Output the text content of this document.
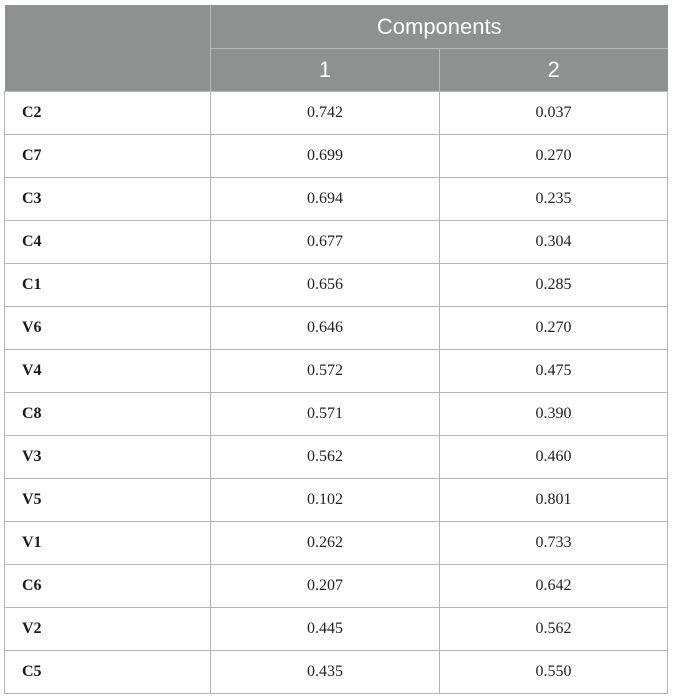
	Components	
	1	2
C2	0.742	0.037
C7	0.699	0.270
C3	0.694	0.235
C4	0.677	0.304
C1	0.656	0.285
V6	0.646	0.270
V4	0.572	0.475
C8	0.571	0.390
V3	0.562	0.460
V5	0.102	0.801
V1	0.262	0.733
C6	0.207	0.642
V2	0.445	0.562
C5	0.435	0.550
